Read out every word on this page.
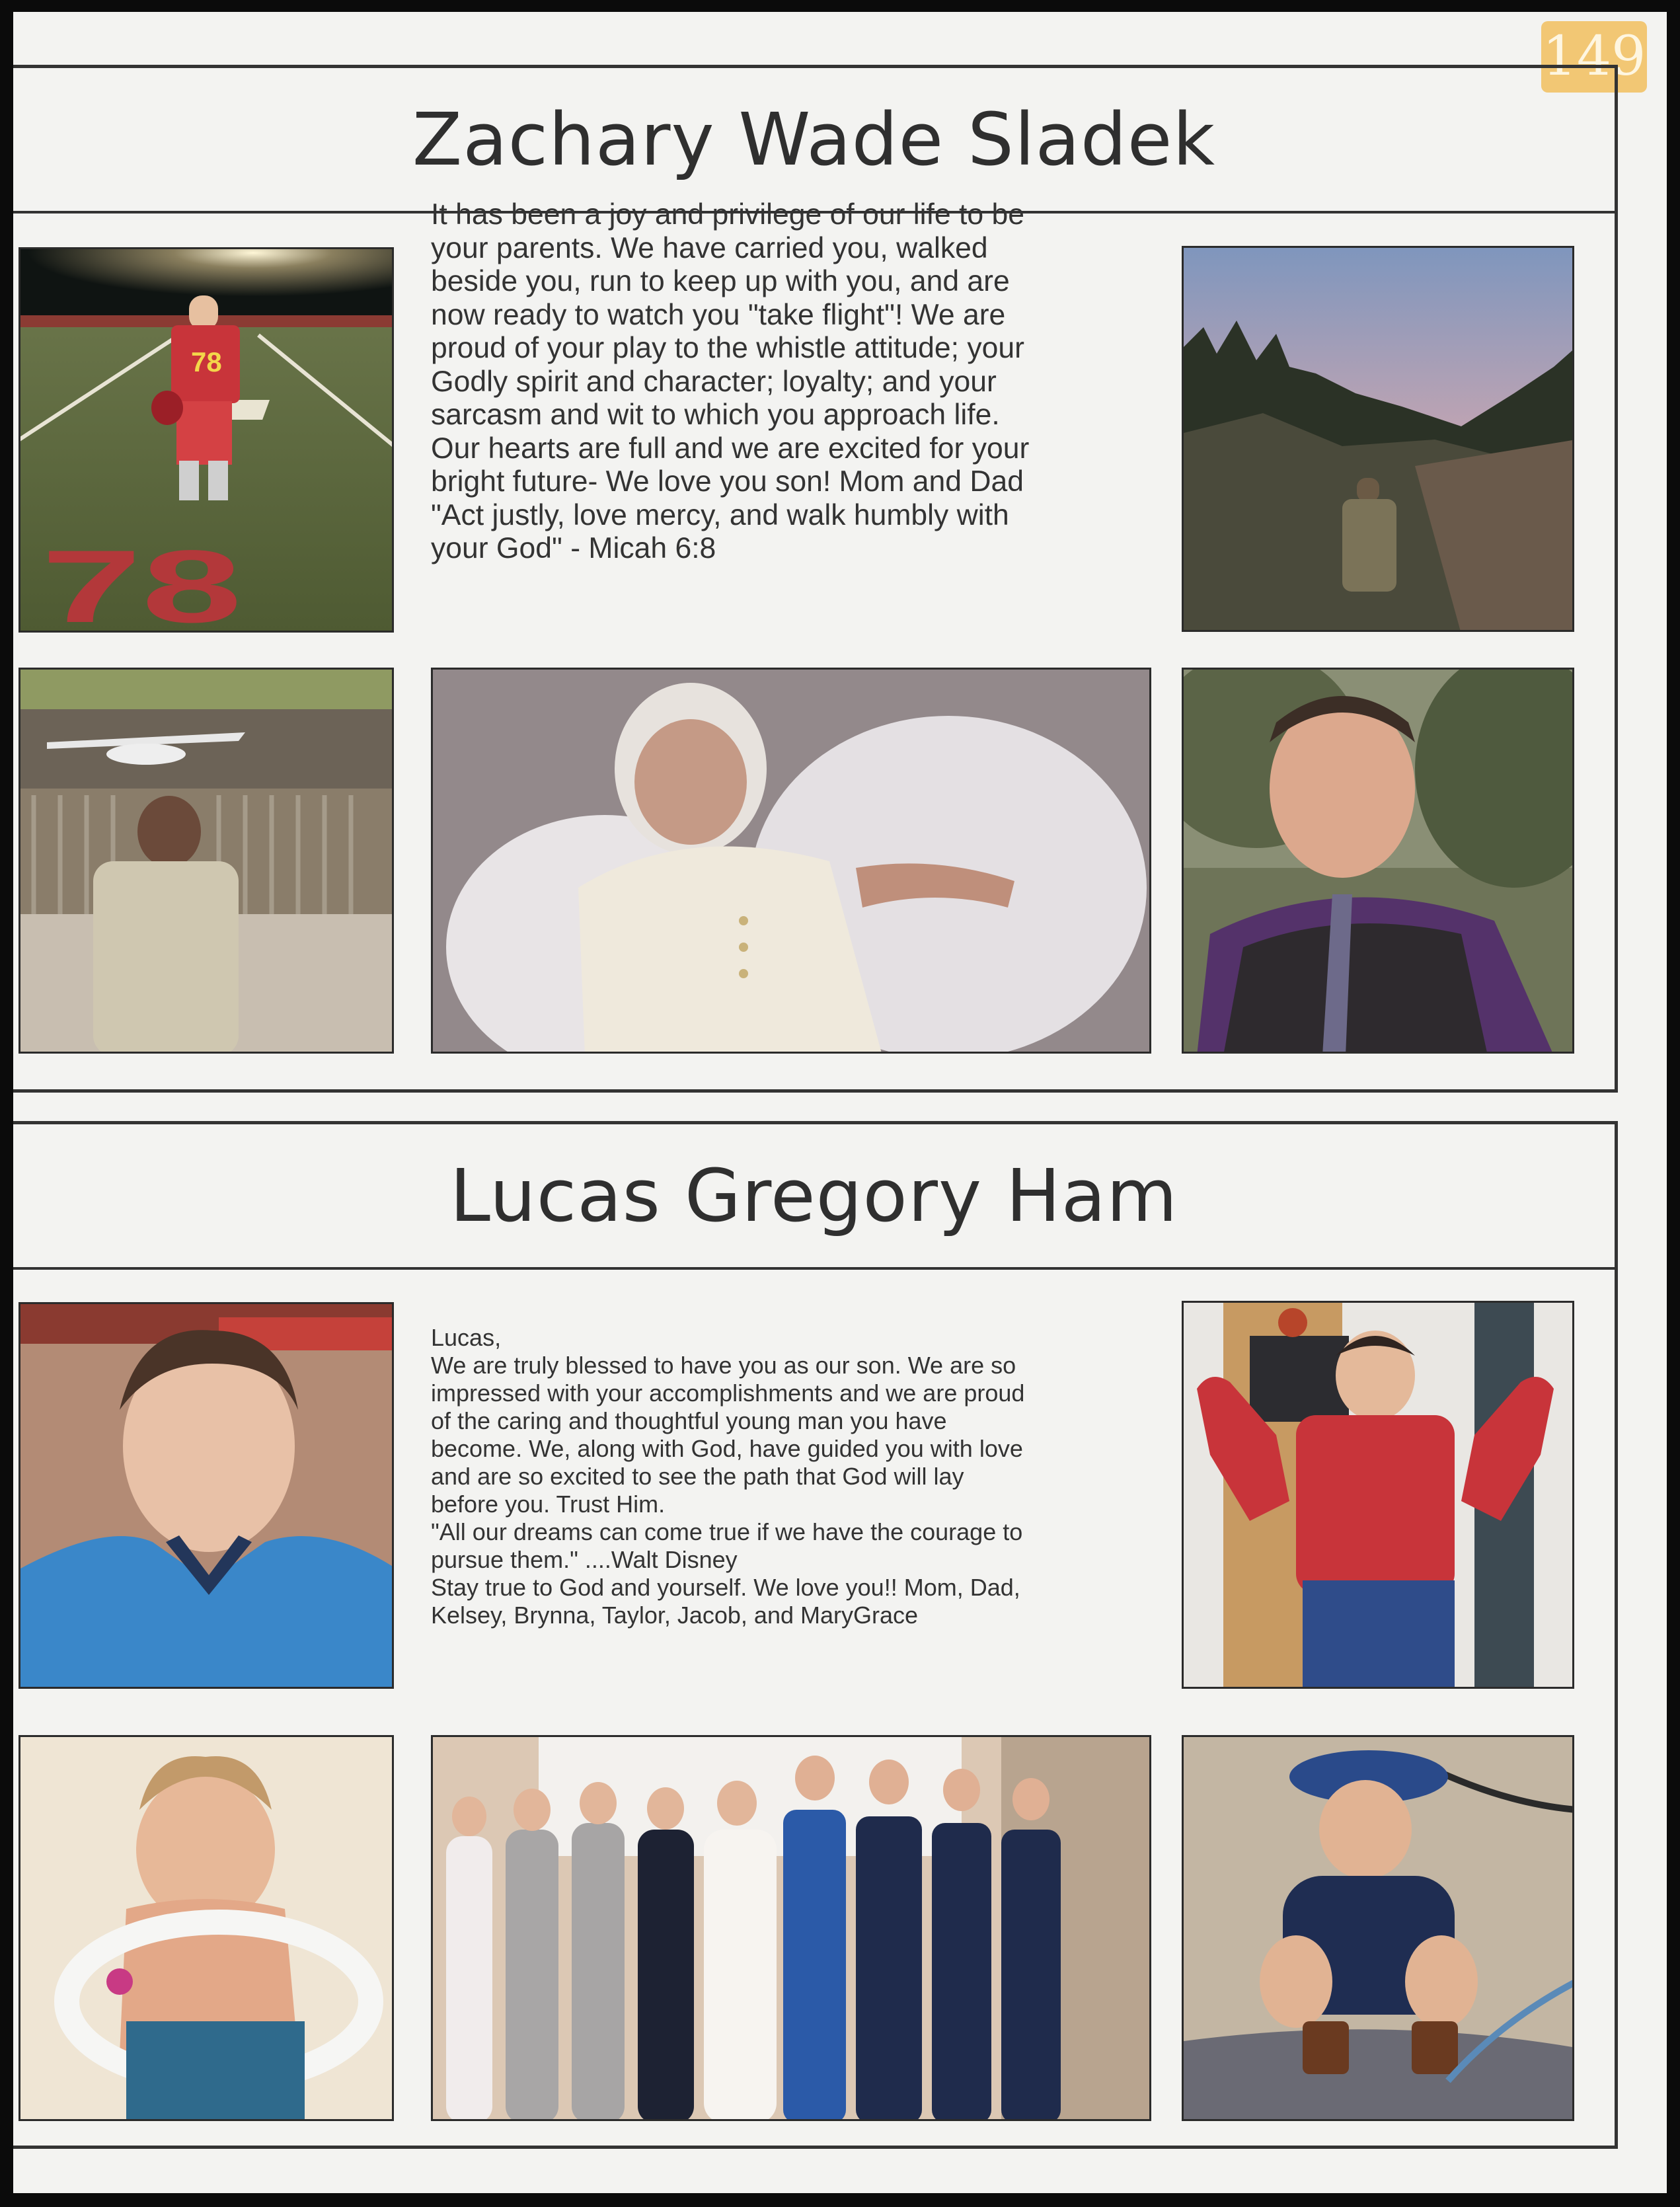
149
Zachary Wade Sladek
78
78
It has been a joy and privilege of our life to be
your parents. We have carried you, walked
beside you, run to keep up with you, and are
now ready to watch you "take flight"! We are
proud of your play to the whistle attitude; your
Godly spirit and character; loyalty; and your
sarcasm and wit to which you approach life.
Our hearts are full and we are excited for your
bright future- We love you son! Mom and Dad
"Act justly, love mercy, and walk humbly with
your God" - Micah 6:8
Lucas Gregory Ham
Lucas,
We are truly blessed to have you as our son. We are so
impressed with your accomplishments and we are proud
of the caring and thoughtful young man you have
become. We, along with God, have guided you with love
and are so excited to see the path that God will lay
before you. Trust Him.
"All our dreams can come true if we have the courage to
pursue them." ....Walt Disney
Stay true to God and yourself. We love you!! Mom, Dad,
Kelsey, Brynna, Taylor, Jacob, and MaryGrace
